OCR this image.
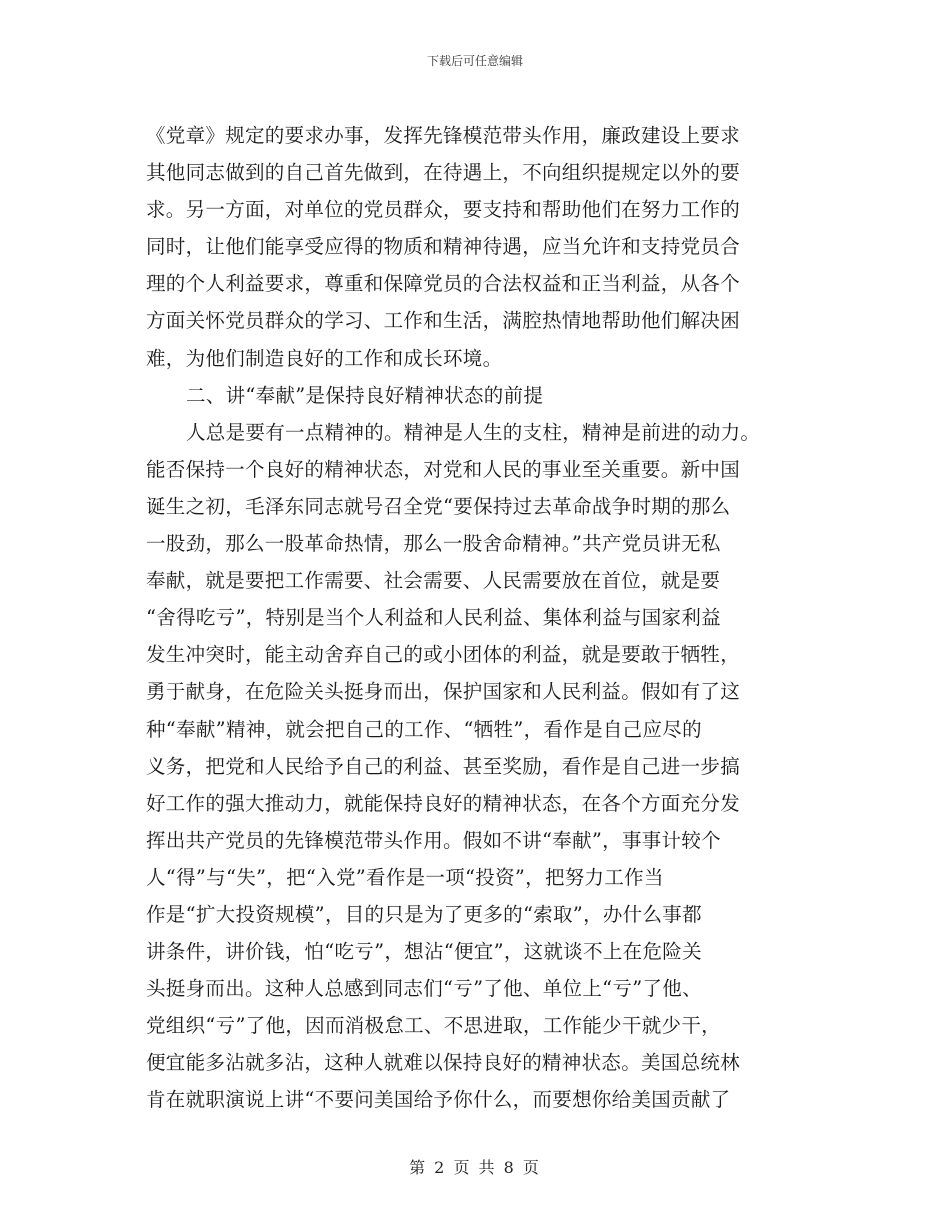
下载后可任意编辑
《党章》规定的要求办事，发挥先锋模范带头作用，廉政建设上要求
其他同志做到的自己首先做到，在待遇上，不向组织提规定以外的要
求。另一方面，对单位的党员群众，要支持和帮助他们在努力工作的
同时，让他们能享受应得的物质和精神待遇，应当允许和支持党员合
理的个人利益要求，尊重和保障党员的合法权益和正当利益，从各个
方面关怀党员群众的学习、工作和生活，满腔热情地帮助他们解决困
难，为他们制造良好的工作和成长环境。
二、讲“奉献”是保持良好精神状态的前提
人总是要有一点精神的。精神是人生的支柱，精神是前进的动力。
能否保持一个良好的精神状态，对党和人民的事业至关重要。新中国
诞生之初，毛泽东同志就号召全党“要保持过去革命战争时期的那么
一股劲，那么一股革命热情，那么一股舍命精神。”共产党员讲无私
奉献，就是要把工作需要、社会需要、人民需要放在首位，就是要
“舍得吃亏”，特别是当个人利益和人民利益、集体利益与国家利益
发生冲突时，能主动舍弃自己的或小团体的利益，就是要敢于牺牲，
勇于献身，在危险关头挺身而出，保护国家和人民利益。假如有了这
种“奉献”精神，就会把自己的工作、“牺牲”，看作是自己应尽的
义务，把党和人民给予自己的利益、甚至奖励，看作是自己进一步搞
好工作的强大推动力，就能保持良好的精神状态，在各个方面充分发
挥出共产党员的先锋模范带头作用。假如不讲“奉献”，事事计较个
人“得”与“失”，把“入党”看作是一项“投资”，把努力工作当
作是“扩大投资规模”，目的只是为了更多的“索取”，办什么事都
讲条件，讲价钱，怕“吃亏”，想沾“便宜”，这就谈不上在危险关
头挺身而出。这种人总感到同志们“亏”了他、单位上“亏”了他、
党组织“亏”了他，因而消极怠工、不思进取，工作能少干就少干，
便宜能多沾就多沾，这种人就难以保持良好的精神状态。美国总统林
肯在就职演说上讲“不要问美国给予你什么，而要想你给美国贡献了
第 2 页 共 8 页
